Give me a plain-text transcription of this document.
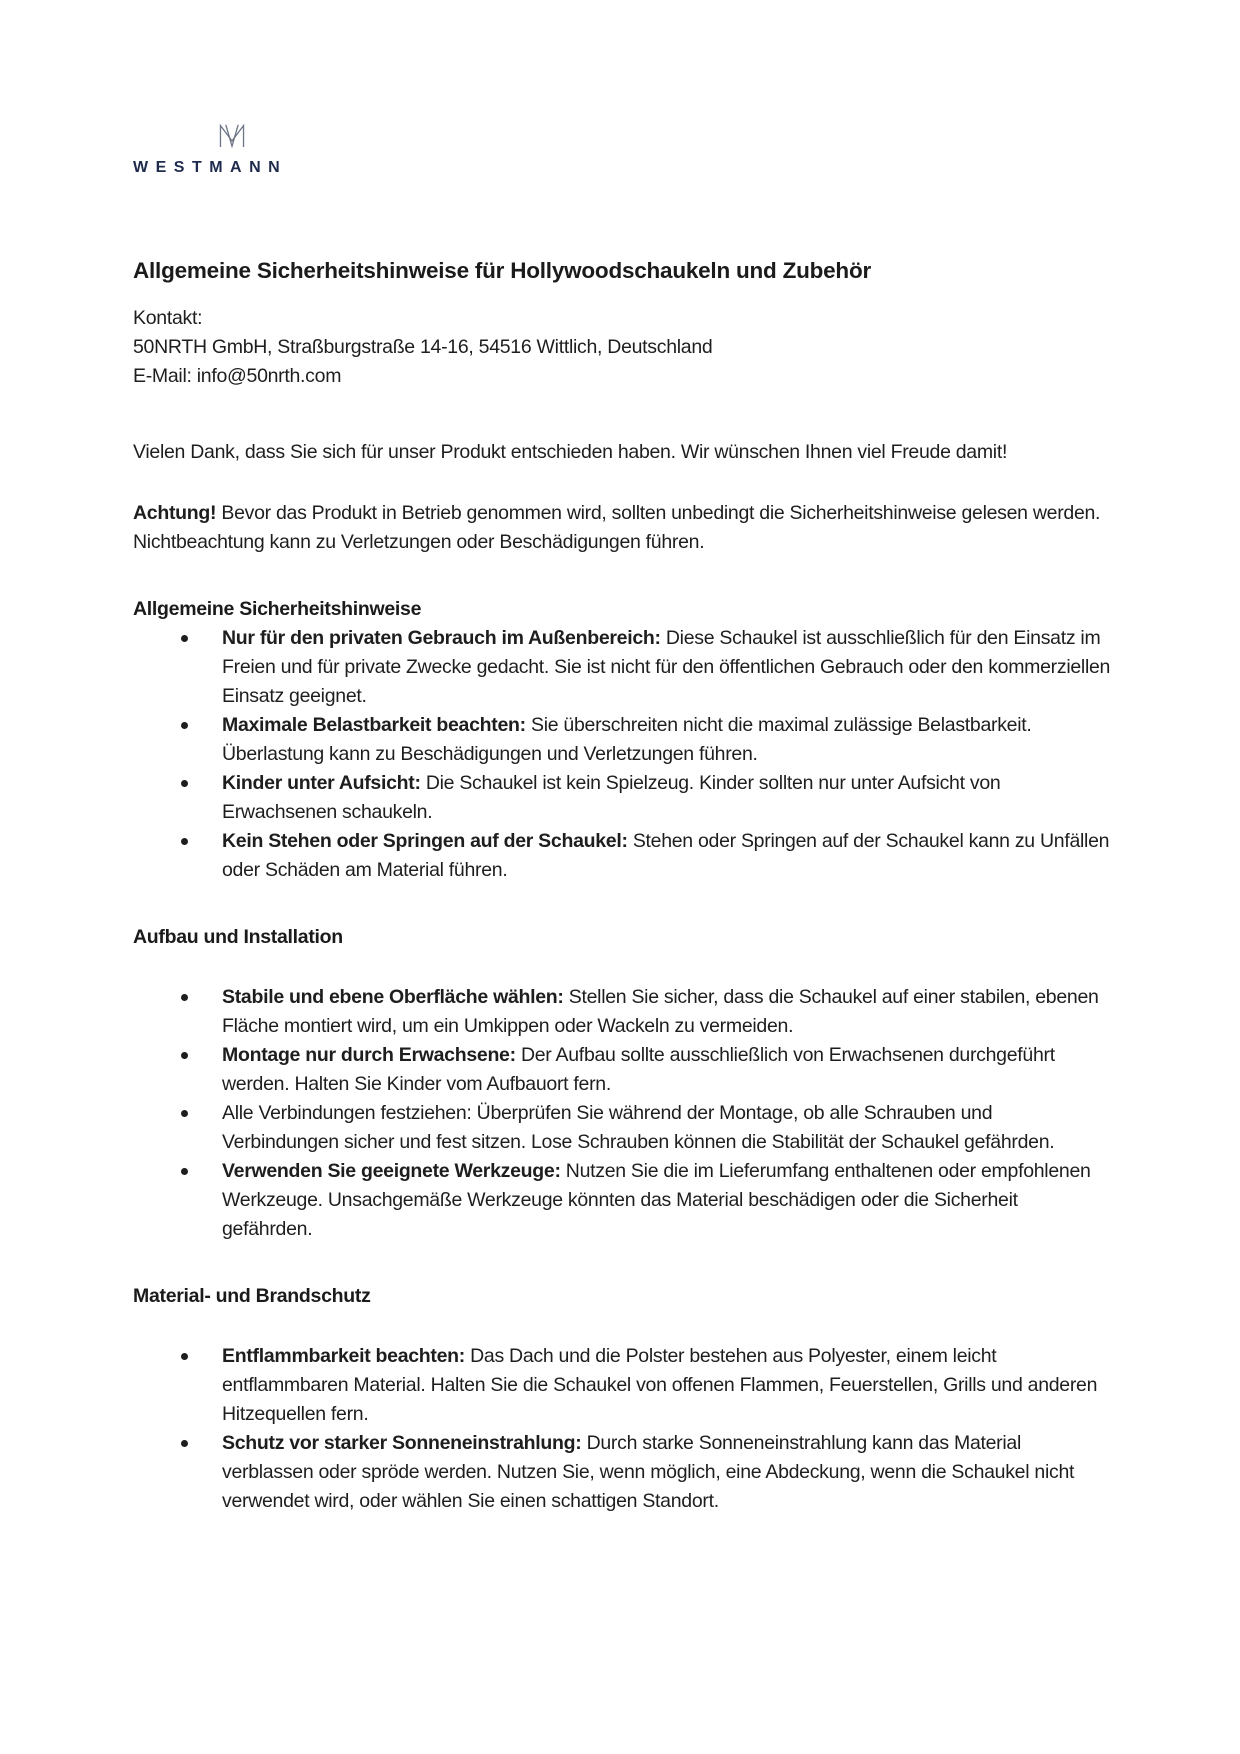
WESTMANN
Allgemeine Sicherheitshinweise für Hollywoodschaukeln und Zubehör

Kontakt:
50NRTH GmbH, Straßburgstraße 14-16, 54516 Wittlich, Deutschland
E-Mail: info@50nrth.com

Vielen Dank, dass Sie sich für unser Produkt entschieden haben. Wir wünschen Ihnen viel Freude damit!

Achtung! Bevor das Produkt in Betrieb genommen wird, sollten unbedingt die Sicherheitshinweise gelesen werden. Nichtbeachtung kann zu Verletzungen oder Beschädigungen führen.

Allgemeine Sicherheitshinweise
Nur für den privaten Gebrauch im Außenbereich: Diese Schaukel ist ausschließlich für den Einsatz im Freien und für private Zwecke gedacht. Sie ist nicht für den öffentlichen Gebrauch oder den kommerziellen Einsatz geeignet.
Maximale Belastbarkeit beachten: Sie überschreiten nicht die maximal zulässige Belastbarkeit. Überlastung kann zu Beschädigungen und Verletzungen führen.
Kinder unter Aufsicht: Die Schaukel ist kein Spielzeug. Kinder sollten nur unter Aufsicht von Erwachsenen schaukeln.
Kein Stehen oder Springen auf der Schaukel: Stehen oder Springen auf der Schaukel kann zu Unfällen oder Schäden am Material führen.
Aufbau und Installation
Stabile und ebene Oberfläche wählen: Stellen Sie sicher, dass die Schaukel auf einer stabilen, ebenen Fläche montiert wird, um ein Umkippen oder Wackeln zu vermeiden.
Montage nur durch Erwachsene: Der Aufbau sollte ausschließlich von Erwachsenen durchgeführt werden. Halten Sie Kinder vom Aufbauort fern.
Alle Verbindungen festziehen: Überprüfen Sie während der Montage, ob alle Schrauben und Verbindungen sicher und fest sitzen. Lose Schrauben können die Stabilität der Schaukel gefährden.
Verwenden Sie geeignete Werkzeuge: Nutzen Sie die im Lieferumfang enthaltenen oder empfohlenen Werkzeuge. Unsachgemäße Werkzeuge könnten das Material beschädigen oder die Sicherheit gefährden.
Material- und Brandschutz
Entflammbarkeit beachten: Das Dach und die Polster bestehen aus Polyester, einem leicht entflammbaren Material. Halten Sie die Schaukel von offenen Flammen, Feuerstellen, Grills und anderen Hitzequellen fern.
Schutz vor starker Sonneneinstrahlung: Durch starke Sonneneinstrahlung kann das Material verblassen oder spröde werden. Nutzen Sie, wenn möglich, eine Abdeckung, wenn die Schaukel nicht verwendet wird, oder wählen Sie einen schattigen Standort.
